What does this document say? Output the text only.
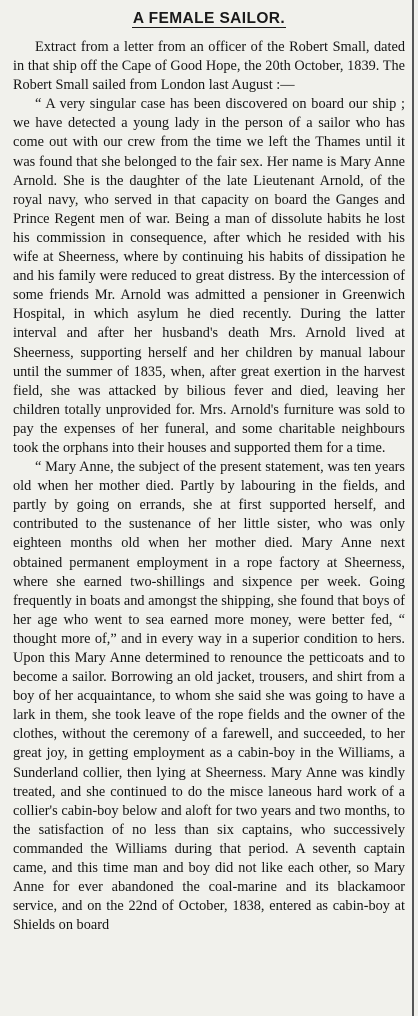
A FEMALE SAILOR.

Extract from a letter from an officer of the Robert Small, dated in that ship off the Cape of Good Hope, the 20th October, 1839. The Robert Small sailed from London last August :—

“ A very singular case has been discovered on board our ship ; we have detected a young lady in the person of a sailor who has come out with our crew from the time we left the Thames until it was found that she belonged to the fair sex. Her name is Mary Anne Arnold. She is the daughter of the late Lieutenant Arnold, of the royal navy, who served in that capacity on board the Ganges and Prince Regent men of war. Being a man of dissolute habits he lost his commission in consequence, after which he resided with his wife at Sheerness, where by continuing his habits of dissipation he and his family were reduced to great distress. By the intercession of some friends Mr. Arnold was admitted a pensioner in Greenwich Hospital, in which asylum he died recently. During the latter interval and after her husband's death Mrs. Arnold lived at Sheerness, supporting herself and her children by manual labour until the summer of 1835, when, after great exertion in the harvest field, she was attacked by bilious fever and died, leaving her children totally unprovided for. Mrs. Arnold's furniture was sold to pay the expenses of her funeral, and some charitable neighbours took the orphans into their houses and supported them for a time.

“ Mary Anne, the subject of the present statement, was ten years old when her mother died. Partly by labouring in the fields, and partly by going on errands, she at first supported herself, and contributed to the sustenance of her little sister, who was only eighteen months old when her mother died. Mary Anne next obtained permanent employment in a rope factory at Sheerness, where she earned two-shillings and sixpence per week. Going frequently in boats and amongst the shipping, she found that boys of her age who went to sea earned more money, were better fed, “ thought more of,” and in every way in a superior condition to hers. Upon this Mary Anne determined to renounce the petticoats and to become a sailor. Borrowing an old jacket, trousers, and shirt from a boy of her acquaintance, to whom she said she was going to have a lark in them, she took leave of the rope fields and the owner of the clothes, without the ceremony of a farewell, and succeeded, to her great joy, in getting employment as a cabin-boy in the Williams, a Sunderland collier, then lying at Sheerness. Mary Anne was kindly treated, and she continued to do the misce laneous hard work of a collier's cabin-boy below and aloft for two years and two months, to the satisfaction of no less than six captains, who successively commanded the Williams during that period. A seventh captain came, and this time man and boy did not like each other, so Mary Anne for ever abandoned the coal-marine and its blackamoor service, and on the 22nd of October, 1838, entered as cabin-boy at Shields on board
